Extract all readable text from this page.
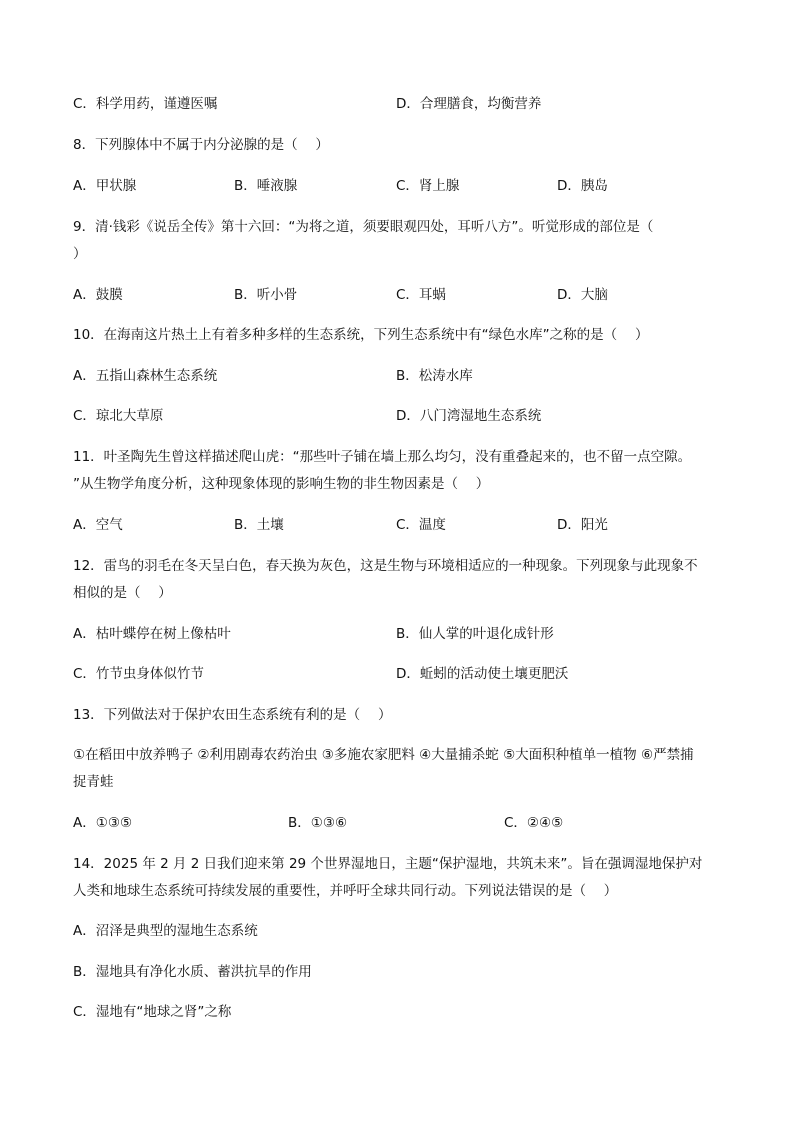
C．科学用药，谨遵医嘱	D．合理膳食，均衡营养
8．下列腺体中不属于内分泌腺的是（　 ）
A．甲状腺	B．唾液腺	C．肾上腺	D．胰岛
9．清·钱彩《说岳全传》第十六回：“为将之道，须要眼观四处，耳听八方”。听觉形成的部位是（
）
A．鼓膜	B．听小骨	C．耳蜗	D．大脑
10．在海南这片热土上有着多种多样的生态系统，下列生态系统中有“绿色水库”之称的是（　 ）
A．五指山森林生态系统	B．松涛水库
C．琼北大草原	D．八门湾湿地生态系统
11．叶圣陶先生曾这样描述爬山虎：“那些叶子铺在墙上那么均匀，没有重叠起来的，也不留一点空隙。
”从生物学角度分析，这种现象体现的影响生物的非生物因素是（　 ）
A．空气	B．土壤	C．温度	D．阳光
12．雷鸟的羽毛在冬天呈白色，春天换为灰色，这是生物与环境相适应的一种现象。下列现象与此现象不
相似的是（　 ）
A．枯叶蝶停在树上像枯叶	B．仙人掌的叶退化成针形
C．竹节虫身体似竹节	D．蚯蚓的活动使土壤更肥沃
13．下列做法对于保护农田生态系统有利的是（　 ）
①在稻田中放养鸭子 ②利用剧毒农药治虫 ③多施农家肥料 ④大量捕杀蛇 ⑤大面积种植单一植物 ⑥严禁捕
捉青蛙
A．①③⑤	B．①③⑥	C．②④⑤
14．2025 年 2 月 2 日我们迎来第 29 个世界湿地日，主题“保护湿地，共筑未来”。旨在强调湿地保护对
人类和地球生态系统可持续发展的重要性，并呼吁全球共同行动。下列说法错误的是（　 ）
A．沼泽是典型的湿地生态系统
B．湿地具有净化水质、蓄洪抗旱的作用
C．湿地有“地球之肾”之称
